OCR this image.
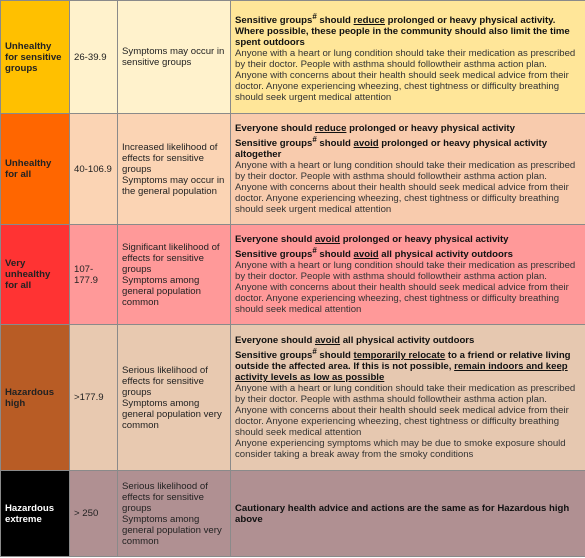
Unhealthy for sensitive groups	26-39.9	Symptoms may occur in sensitive groups	Sensitive groups# should reduce prolonged or heavy physical activity. Where possible, these people in the community should also limit the time spent outdoors
Anyone with a heart or lung condition should take their medication as prescribed by their doctor. People with asthma should followtheir asthma action plan. Anyone with concerns about their health should seek medical advice from their doctor. Anyone experiencing wheezing, chest tightness or difficulty breathing should seek urgent medical attention

Unhealthy for all	40-106.9	Increased likelihood of effects for sensitive groups
Symptoms may occur in the general population	Everyone should reduce prolonged or heavy physical activity
Sensitive groups# should avoid prolonged or heavy physical activity altogether
Anyone with a heart or lung condition should take their medication as prescribed by their doctor. People with asthma should followtheir asthma action plan. Anyone with concerns about their health should seek medical advice from their doctor. Anyone experiencing wheezing, chest tightness or difficulty breathing should seek urgent medical attention

Very unhealthy for all	107-177.9	Significant likelihood of effects for sensitive groups
Symptoms among general population common	Everyone should avoid prolonged or heavy physical activity
Sensitive groups# should avoid all physical activity outdoors
Anyone with a heart or lung condition should take their medication as prescribed by their doctor. People with asthma should followtheir asthma action plan. Anyone with concerns about their health should seek medical advice from their doctor. Anyone experiencing wheezing, chest tightness or difficulty breathing should seek medical attention

Hazardous high	>177.9	Serious likelihood of effects for sensitive groups
Symptoms among general population very common	Everyone should avoid all physical activity outdoors
Sensitive groups# should temporarily relocate to a friend or relative living outside the affected area. If this is not possible, remain indoors and keep activity levels as low as possible
Anyone with a heart or lung condition should take their medication as prescribed by their doctor. People with asthma should followtheir asthma action plan. Anyone with concerns about their health should seek medical advice from their doctor. Anyone experiencing wheezing, chest tightness or difficulty breathing should seek medical attention
Anyone experiencing symptoms which may be due to smoke exposure should consider taking a break away from the smoky conditions

Hazardous extreme	> 250	Serious likelihood of effects for sensitive groups
Symptoms among general population very common	Cautionary health advice and actions are the same as for Hazardous high above
